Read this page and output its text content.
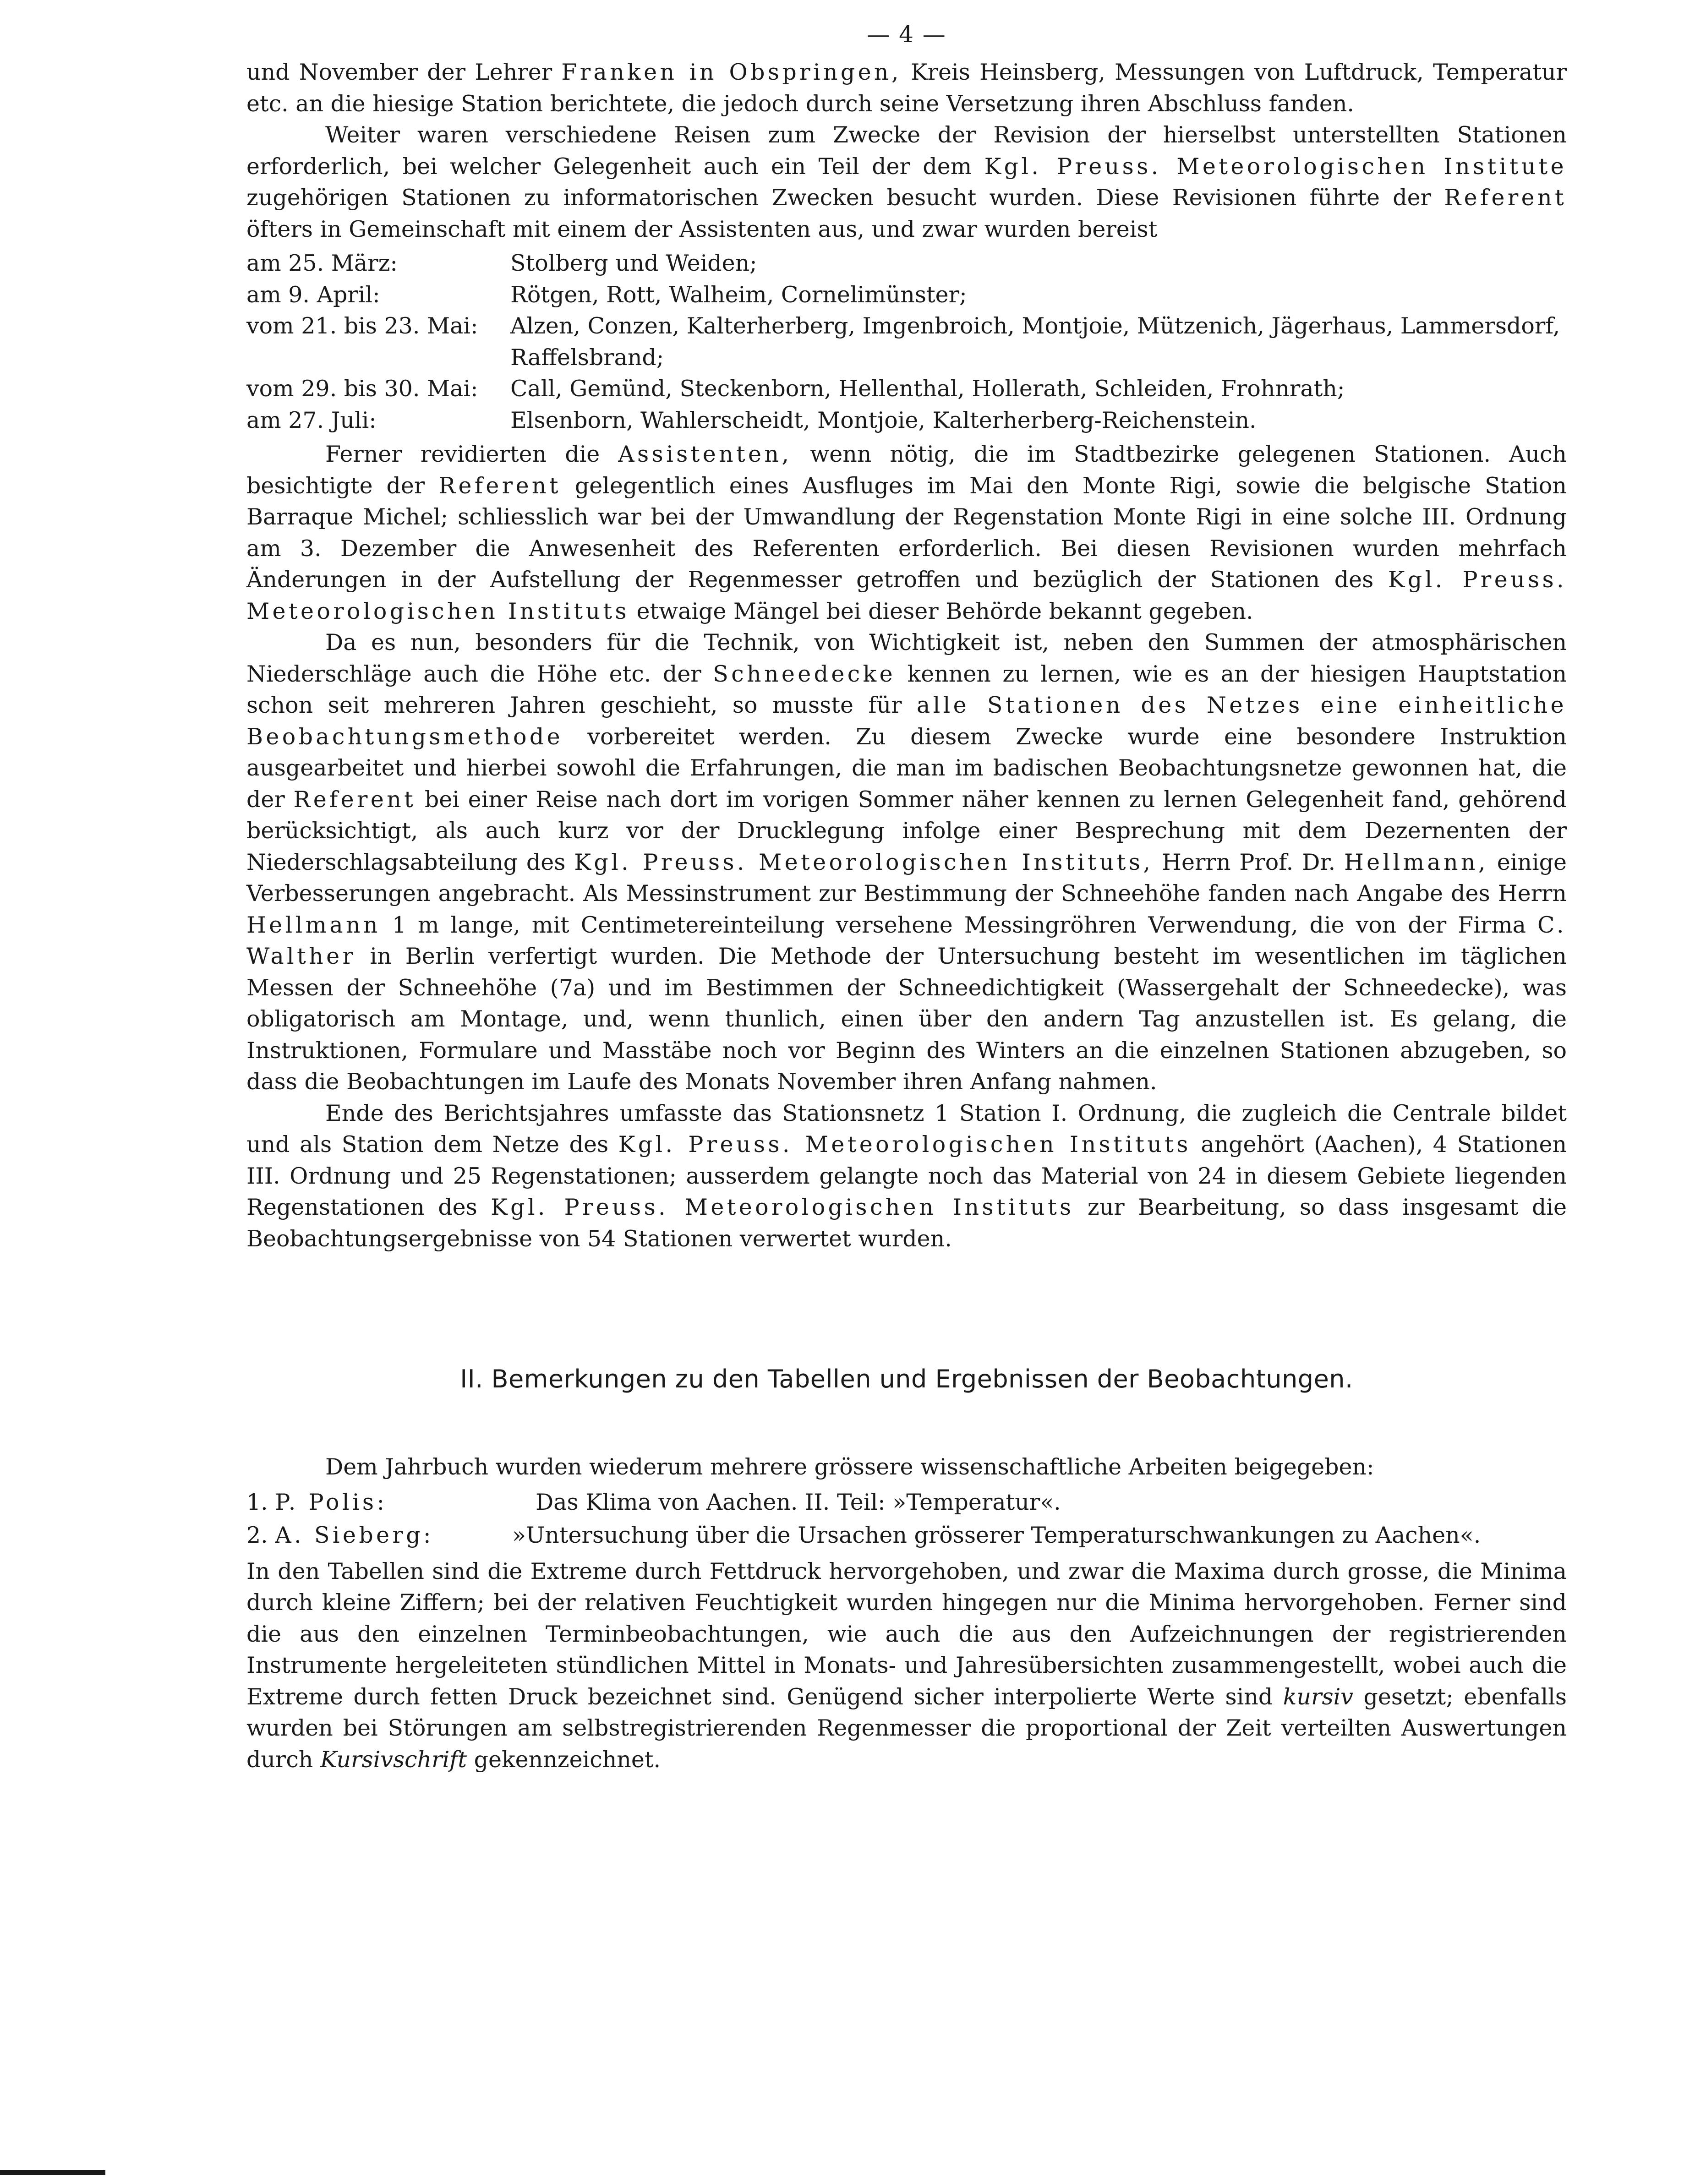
— 4 —

und November der Lehrer Franken in Obspringen, Kreis Heinsberg, Messungen von Luftdruck, Temperatur etc. an die hiesige Station berichtete, die jedoch durch seine Versetzung ihren Abschluss fanden.

Weiter waren verschiedene Reisen zum Zwecke der Revision der hierselbst unterstellten Stationen erforderlich, bei welcher Gelegenheit auch ein Teil der dem Kgl. Preuss. Meteorologischen Institute zugehörigen Stationen zu informatorischen Zwecken besucht wurden. Diese Revisionen führte der Referent öfters in Gemeinschaft mit einem der Assistenten aus, und zwar wurden bereist

am 25. März:	Stolberg und Weiden;
am 9. April:	Rötgen, Rott, Walheim, Cornelimünster;
vom 21. bis 23. Mai:	Alzen, Conzen, Kalterherberg, Imgenbroich, Montjoie, Mützenich, Jägerhaus, Lammersdorf, Raffelsbrand;
vom 29. bis 30. Mai:	Call, Gemünd, Steckenborn, Hellenthal, Hollerath, Schleiden, Frohnrath;
am 27. Juli:	Elsenborn, Wahlerscheidt, Montjoie, Kalterherberg-Reichenstein.

Ferner revidierten die Assistenten, wenn nötig, die im Stadtbezirke gelegenen Stationen. Auch besichtigte der Referent gelegentlich eines Ausfluges im Mai den Monte Rigi, sowie die belgische Station Barraque Michel; schliesslich war bei der Umwandlung der Regenstation Monte Rigi in eine solche III. Ordnung am 3. Dezember die Anwesenheit des Referenten erforderlich. Bei diesen Revisionen wurden mehrfach Änderungen in der Aufstellung der Regenmesser getroffen und bezüglich der Stationen des Kgl. Preuss. Meteorologischen Instituts etwaige Mängel bei dieser Behörde bekannt gegeben.

Da es nun, besonders für die Technik, von Wichtigkeit ist, neben den Summen der atmosphärischen Niederschläge auch die Höhe etc. der Schneedecke kennen zu lernen, wie es an der hiesigen Hauptstation schon seit mehreren Jahren geschieht, so musste für alle Stationen des Netzes eine einheitliche Beobachtungsmethode vorbereitet werden. Zu diesem Zwecke wurde eine besondere Instruktion ausgearbeitet und hierbei sowohl die Erfahrungen, die man im badischen Beobachtungsnetze gewonnen hat, die der Referent bei einer Reise nach dort im vorigen Sommer näher kennen zu lernen Gelegenheit fand, gehörend berücksichtigt, als auch kurz vor der Drucklegung infolge einer Besprechung mit dem Dezernenten der Niederschlagsabteilung des Kgl. Preuss. Meteorologischen Instituts, Herrn Prof. Dr. Hellmann, einige Verbesserungen angebracht. Als Messinstrument zur Bestimmung der Schneehöhe fanden nach Angabe des Herrn Hellmann 1 m lange, mit Centimetereinteilung versehene Messingröhren Verwendung, die von der Firma C. Walther in Berlin verfertigt wurden. Die Methode der Untersuchung besteht im wesentlichen im täglichen Messen der Schneehöhe (7a) und im Bestimmen der Schneedichtigkeit (Wassergehalt der Schneedecke), was obligatorisch am Montage, und, wenn thunlich, einen über den andern Tag anzustellen ist. Es gelang, die Instruktionen, Formulare und Masstäbe noch vor Beginn des Winters an die einzelnen Stationen abzugeben, so dass die Beobachtungen im Laufe des Monats November ihren Anfang nahmen.

Ende des Berichtsjahres umfasste das Stationsnetz 1 Station I. Ordnung, die zugleich die Centrale bildet und als Station dem Netze des Kgl. Preuss. Meteorologischen Instituts angehört (Aachen), 4 Stationen III. Ordnung und 25 Regenstationen; ausserdem gelangte noch das Material von 24 in diesem Gebiete liegenden Regenstationen des Kgl. Preuss. Meteorologischen Instituts zur Bearbeitung, so dass insgesamt die Beobachtungsergebnisse von 54 Stationen verwertet wurden.

II. Bemerkungen zu den Tabellen und Ergebnissen der Beobachtungen.

Dem Jahrbuch wurden wiederum mehrere grössere wissenschaftliche Arbeiten beigegeben:

1. P. Polis:	Das Klima von Aachen. II. Teil: »Temperatur«.
2. A. Sieberg:	»Untersuchung über die Ursachen grösserer Temperaturschwankungen zu Aachen«.

In den Tabellen sind die Extreme durch Fettdruck hervorgehoben, und zwar die Maxima durch grosse, die Minima durch kleine Ziffern; bei der relativen Feuchtigkeit wurden hingegen nur die Minima hervorgehoben. Ferner sind die aus den einzelnen Terminbeobachtungen, wie auch die aus den Aufzeichnungen der registrierenden Instrumente hergeleiteten stündlichen Mittel in Monats- und Jahresübersichten zusammengestellt, wobei auch die Extreme durch fetten Druck bezeichnet sind. Genügend sicher interpolierte Werte sind kursiv gesetzt; ebenfalls wurden bei Störungen am selbstregistrierenden Regenmesser die proportional der Zeit verteilten Auswertungen durch Kursivschrift gekennzeichnet.
